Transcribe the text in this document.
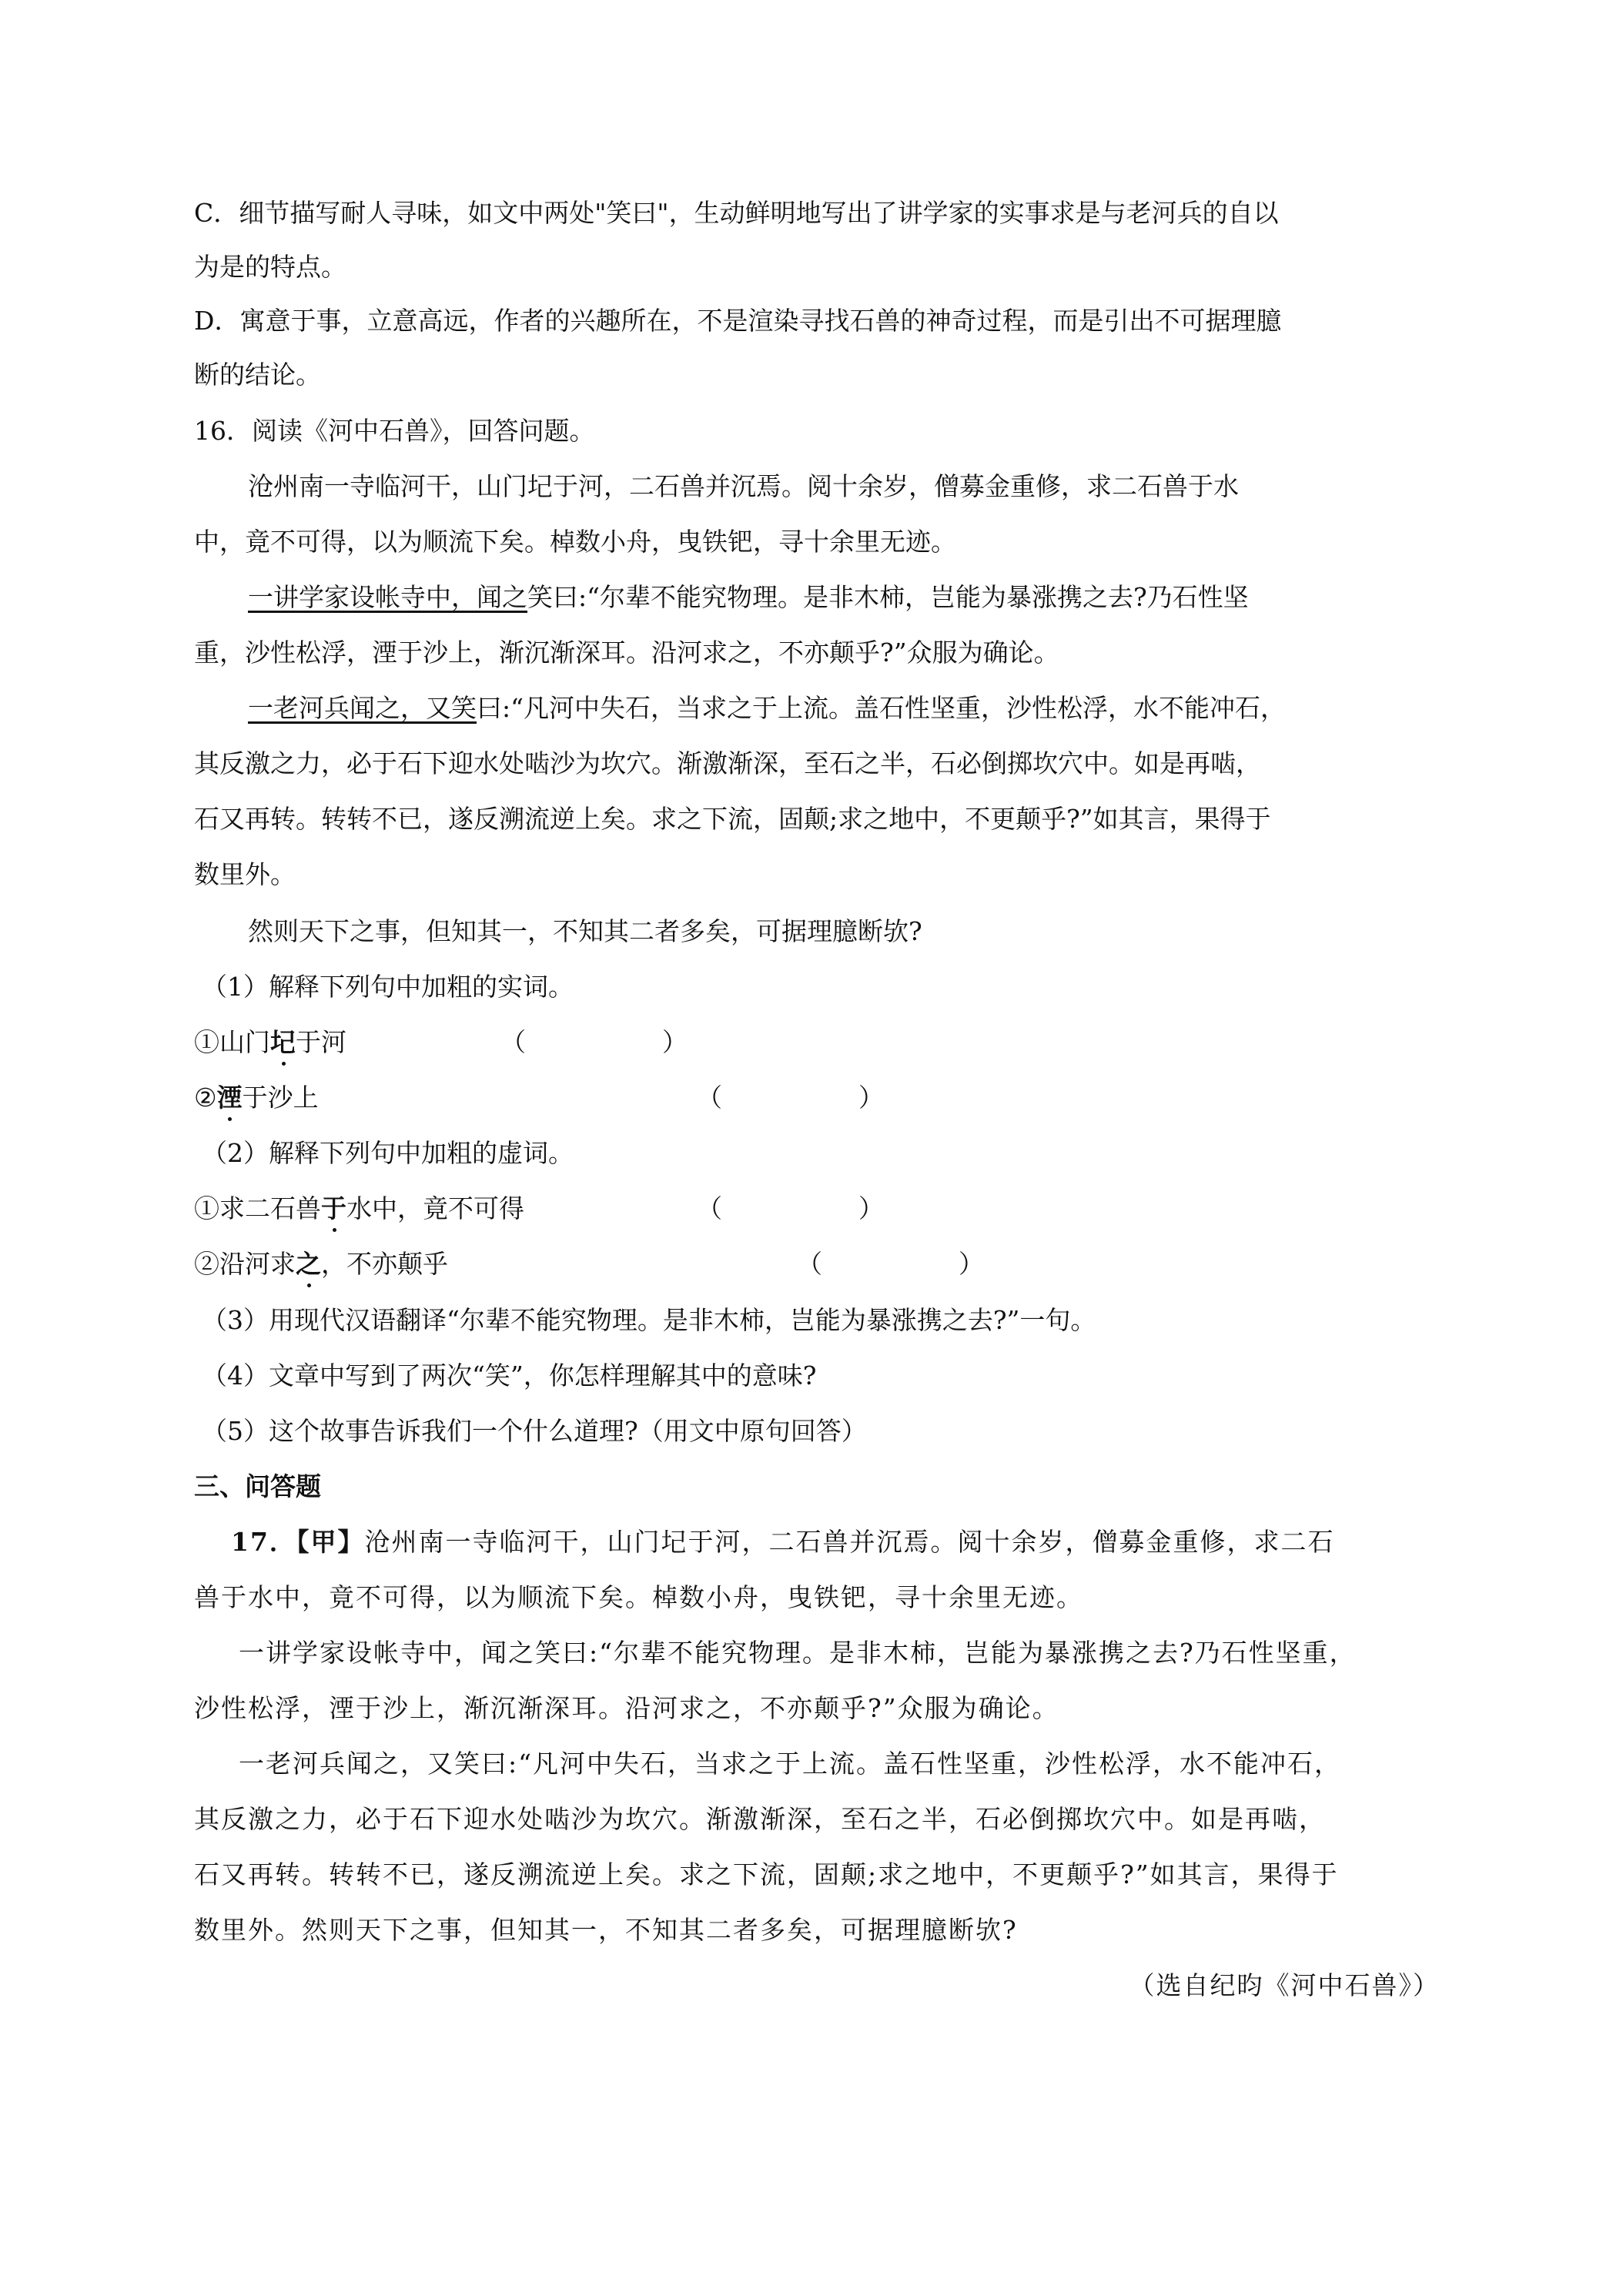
C．细节描写耐人寻味，如文中两处"笑曰"，生动鲜明地写出了讲学家的实事求是与老河兵的自以
为是的特点。
D．寓意于事，立意高远，作者的兴趣所在，不是渲染寻找石兽的神奇过程，而是引出不可据理臆
断的结论。
16．阅读《河中石兽》，回答问题。
沧州南一寺临河干，山门圮于河，二石兽并沉焉。阅十余岁，僧募金重修，求二石兽于水
中，竟不可得，以为顺流下矣。棹数小舟，曳铁钯，寻十余里无迹。
一讲学家设帐寺中，闻之笑曰:“尔辈不能究物理。是非木柿，岂能为暴涨携之去?乃石性坚
重，沙性松浮，湮于沙上，渐沉渐深耳。沿河求之，不亦颠乎?”众服为确论。
一老河兵闻之，又笑曰:“凡河中失石，当求之于上流。盖石性坚重，沙性松浮，水不能冲石，
其反激之力，必于石下迎水处啮沙为坎穴。渐激渐深，至石之半，石必倒掷坎穴中。如是再啮，
石又再转。转转不已，遂反溯流逆上矣。求之下流，固颠;求之地中，不更颠乎?”如其言，果得于
数里外。
然则天下之事，但知其一，不知其二者多矣，可据理臆断欤?
（1）解释下列句中加粗的实词。
①山门圮于河	（	）
②湮于沙上	（	）
（2）解释下列句中加粗的虚词。
①求二石兽于水中，竟不可得	（	）
②沿河求之，不亦颠乎	（	）
（3）用现代汉语翻译“尔辈不能究物理。是非木柿，岂能为暴涨携之去?”一句。
（4）文章中写到了两次“笑”，你怎样理解其中的意味?
（5）这个故事告诉我们一个什么道理?（用文中原句回答）
三、问答题
17．【甲】沧州南一寺临河干，山门圮于河，二石兽并沉焉。阅十余岁，僧募金重修，求二石
兽于水中，竟不可得，以为顺流下矣。棹数小舟，曳铁钯，寻十余里无迹。
一讲学家设帐寺中，闻之笑曰:“尔辈不能究物理。是非木柿，岂能为暴涨携之去?乃石性坚重，
沙性松浮，湮于沙上，渐沉渐深耳。沿河求之，不亦颠乎?”众服为确论。
一老河兵闻之，又笑曰:“凡河中失石，当求之于上流。盖石性坚重，沙性松浮，水不能冲石，
其反激之力，必于石下迎水处啮沙为坎穴。渐激渐深，至石之半，石必倒掷坎穴中。如是再啮，
石又再转。转转不已，遂反溯流逆上矣。求之下流，固颠;求之地中，不更颠乎?”如其言，果得于
数里外。然则天下之事，但知其一，不知其二者多矣，可据理臆断欤?
（选自纪昀《河中石兽》）
